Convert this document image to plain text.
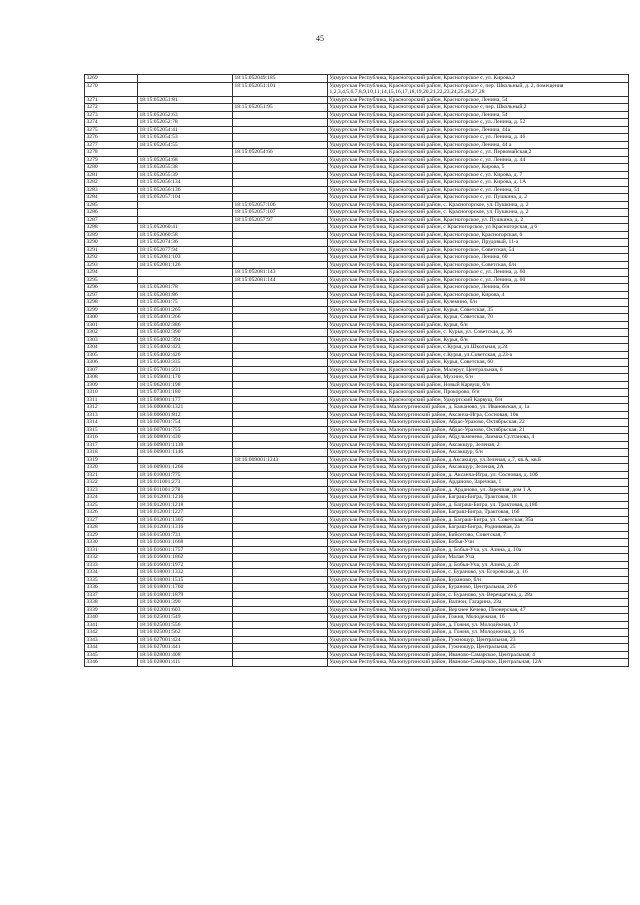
45
3269		18:15:052049:185	Удмуртская Республика, Красногорский район, Красногорское с, ул. Кирова,2
3270		18:15:052051:101	Удмуртская Республика, Красногорский район, Красногорское с, пер. Школьный, д. 2, помещения 1,2,3,4,5,6,7,8,9,10,11,14,15,16,17,18,19,20,21,22,23,24,25,26,27,28
3271	18:15:052051:81		Удмуртская Республика, Красногорский район, Красногорское, Ленина, 54
3272		18:15:052051:95	Удмуртская Республика, Красногорский район, Красногорское с, пер. Школьный,2
3273	18:15:052052:63		Удмуртская Республика, Красногорский район, Красногорское, Ленина, 54
3274	18:15:052052:78		Удмуртская Республика, Красногорский район, Красногорское с, ул. Ленина, д. 52
3275	18:15:052054:41		Удмуртская Республика, Красногорский район, Красногорское, Ленина, 44а
3276	18:15:052054:53		Удмуртская Республика, Красногорский район, Красногорское с, ул. Ленина, д. 46
3277	18:15:052054:55		Удмуртская Республика, Красногорский район, Красногорское, Ленина, 44 а
3278		18:15:052054:66	Удмуртская Республика, Красногорский район, Красногорское с, ул. Первомайская,2
3279	18:15:052054:68		Удмуртская Республика, Красногорский район, Красногорское с, ул. Ленина, д. 44
3280	18:15:052055:38		Удмуртская Республика, Красногорский район, Красногорское, Кирова, 5
3281	18:15:052055:39		Удмуртская Республика, Красногорский район, Красногорское с, ул. Кирова, д. 7
3282	18:15:052056:134		Удмуртская Республика, Красногорский район, Красногорское с, ул. Кирова, д. 1А
3283	18:15:052056:136		Удмуртская Республика, Красногорский район, Красногорское с, ул. Ленина, 51
3284	18:15:052057:104		Удмуртская Республика, Красногорский район, Красногорское с, ул. Пушкина, д. 2
3285		18:15:052057:106	Удмуртская Республика, Красногорский район, с. Красногорское, ул. Пушкина, д. 2
3286		18:15:052057:107	Удмуртская Республика, Красногорский район, с. Красногорское, ул. Пушкина, д. 2
3287		18:15:052057:97	Удмуртская Республика, Красногорский район, Красногорское, ул. Пушкина, д. 2
3288	18:15:052060:41		Удмуртская Республика, Красногорский район, с Красногорское, ул Красногорская, д 6
3289	18:15:052060:58		Удмуртская Республика, Красногорский район, Красногорское, Красногорская, 6
3290	18:15:052074:36		Удмуртская Республика, Красногорский район, Красногорское, Прудовый, 11-а
3291	18:15:052077:94		Удмуртская Республика, Красногорский район, Красногорское, Советская, 54
3292	18:15:052081:103		Удмуртская Республика, Красногорский район, Красногорское, Ленина, 60
3293	18:15:052081:126		Удмуртская Республика, Красногорский район, Красногорское, Советская, б/н
3294		18:15:052081:143	Удмуртская Республика, Красногорский район, Красногорское с, ул. Ленина, д. 60
3295		18:15:052081:144	Удмуртская Республика, Красногорский район, Красногорское с, ул. Ленина, д. 60
3296	18:15:052081:78		Удмуртская Республика, Красногорский район, Красногорское, Ленина, б/н
3297	18:15:052081:86		Удмуртская Республика, Красногорский район, Красногорское, Кирова, 4
3298	18:15:053001:75		Удмуртская Республика, Красногорский район, Кулемино, б/н
3299	18:15:054001:265		Удмуртская Республика, Красногорский район, Курья, Советская, 35
3300	18:15:054001:266		Удмуртская Республика, Красногорский район, Курья, Советская, 70
3301	18:15:054002:386		Удмуртская Республика, Красногорский район, Курья, б/н
3302	18:15:054002:390		Удмуртская Республика, Красногорский район, с. Курья, ул. Советская, д. 36
3303	18:15:054002:394		Удмуртская Республика, Красногорский район, Курья, б/н
3304	18:15:054002:423		Удмуртская Республика, Красногорский район, с.Курья, ул.Школьная, д.24
3305	18:15:054002:426		Удмуртская Республика, Красногорский район, с.Курья, ул.Советская, д.23-а
3306	18:15:054003:335		Удмуртская Республика, Красногорский район, Курья, Советская, 60
3307	18:15:057001:231		Удмуртская Республика, Красногорский район, Малеруг, Центральная, 6
3308	18:15:059001:170		Удмуртская Республика, Красногорский район, Мухино, б/н
3309	18:15:062001:198		Удмуртская Республика, Красногорский район, Новый Карвуш, б/н
3310	18:15:073001:180		Удмуртская Республика, Красногорский район, Прокорово, б/н
3311	18:15:089001:177		Удмуртская Республика, Красногорский район, Удмуртский Карвуш, б/н
3312	18:16:000000:1321		Удмуртская Республика, Малопургинский район, д. Бажаново, ул. Ивановская, д. 1а
3313	18:16:006001:812		Удмуртская Республика, Малопургинский район, Аксанча-Игра, Сосновая, 10в
3314	18:16:007001:754		Удмуртская Республика, Малопургинский район, Абдас-Уразово, Октябрьская, 22
3315	18:16:007001:755		Удмуртская Республика, Малопургинский район, Абдас-Уразово, Октябрьская, 21
3316	18:16:008001:430		Удмуртская Республика, Малопургинский район, Абдульменево, Заимна Султанова, 4
3317	18:16:009001:1138		Удмуртская Республика, Малопургинский район, Аксакшур, Зеленая, 2
3318	18:16:009001:1146		Удмуртская Республика, Малопургинский район, Аксакшур, б/н
3319		18:16:009001:1243	Удмуртская Республика, Малопургинский район, д.Аксакшур, ул.Зеленая, д.7, кв.А, кв.Б
3320	18:16:009001:1266		Удмуртская Республика, Малопургинский район, Аксакшур, Зеленая, 2А
3321	18:16:010001:775		Удмуртская Республика, Малопургинский район, д. Аксанча-Игра, ул. Сосновая, д. 10б
3322	18:16:011001:273		Удмуртская Республика, Малопургинский район, Арданово, Заречная, 1
3323	18:16:011001:278		Удмуртская Республика, Малопургинский район, д. Арданово, ул. Заречная, дом 1 А
3324	18:16:012001:1216		Удмуртская Республика, Малопургинский район, Баграш-Бигра, Трактовая, 18
3325	18:16:012001:1218		Удмуртская Республика, Малопургинский район, д. Баграш-Бигра, ул. Трактовая, д.18б
3326	18:16:012001:1227		Удмуртская Республика, Малопургинский район, Баграш-Бигра, Трактовая, 16б
3327	18:16:012001:1305		Удмуртская Республика, Малопургинский район, д. Баграш-Бигра, ул. Советская, 35а
3328	18:16:012001:1316		Удмуртская Республика, Малопургинский район, Баграш-Бигра, Родниковая, 2а
3329	18:16:015001:731		Удмуртская Республика, Малопургинский район, Бийсетово, Советская, 7
3330	18:16:016001:1668		Удмуртская Республика, Малопургинский район, Бобья-Учи
3331	18:16:016001:1757		Удмуртская Республика, Малопургинский район, д. Бобья-Уча, ул. Азина, д. 10а
3332	18:16:016001:1862		Удмуртская Республика, Малопургинский район, Малая Уча
3333	18:16:016001:1972		Удмуртская Республика, Малопургинский район, д. Бобья-Уча, ул. Азина, д. 28
3334	18:16:018001:1332		Удмуртская Республика, Малопургинский район, с. Бураново, ул. Егоровская, д. 16
3335	18:16:018001:1515		Удмуртская Республика, Малопургинский район, Бураново, б/н
3336	18:16:018001:1760		Удмуртская Республика, Малопургинский район, Бураново, Центральная, 20 б
3337	18:16:018001:1879		Удмуртская Республика, Малопургинский район, с. Бураново, ул. Верещагина, д. 28а
3338	18:16:020001:390		Удмуртская Республика, Малопургинский район, Валион, Гагарина, 23а
3339	18:16:022001:603		Удмуртская Республика, Малопургинский район, Верхнее Кечево, Пионерская, 47
3340	18:16:025001:549		Удмуртская Республика, Малопургинский район, Гожня, Молодежная, 16
3341	18:16:025001:556		Удмуртская Республика, Малопургинский район, д. Гожня, ул. Молодёжная, 17
3342	18:16:025001:562		Удмуртская Республика, Малопургинский район, д. Гожня, ул. Молодежная, д. 16
3343	18:16:027001:424		Удмуртская Республика, Малопургинский район, Гужношур, Центральная, 23
3344	18:16:027001:441		Удмуртская Республика, Малопургинский район, Гужношур, Центральная, 25
3345	18:16:028001:408		Удмуртская Республика, Малопургинский район, Иваново-Самарское, Центральная, 4
3346	18:16:028001:411		Удмуртская Республика, Малопургинский район, Иваново-Самарское, Центральная, 12А
